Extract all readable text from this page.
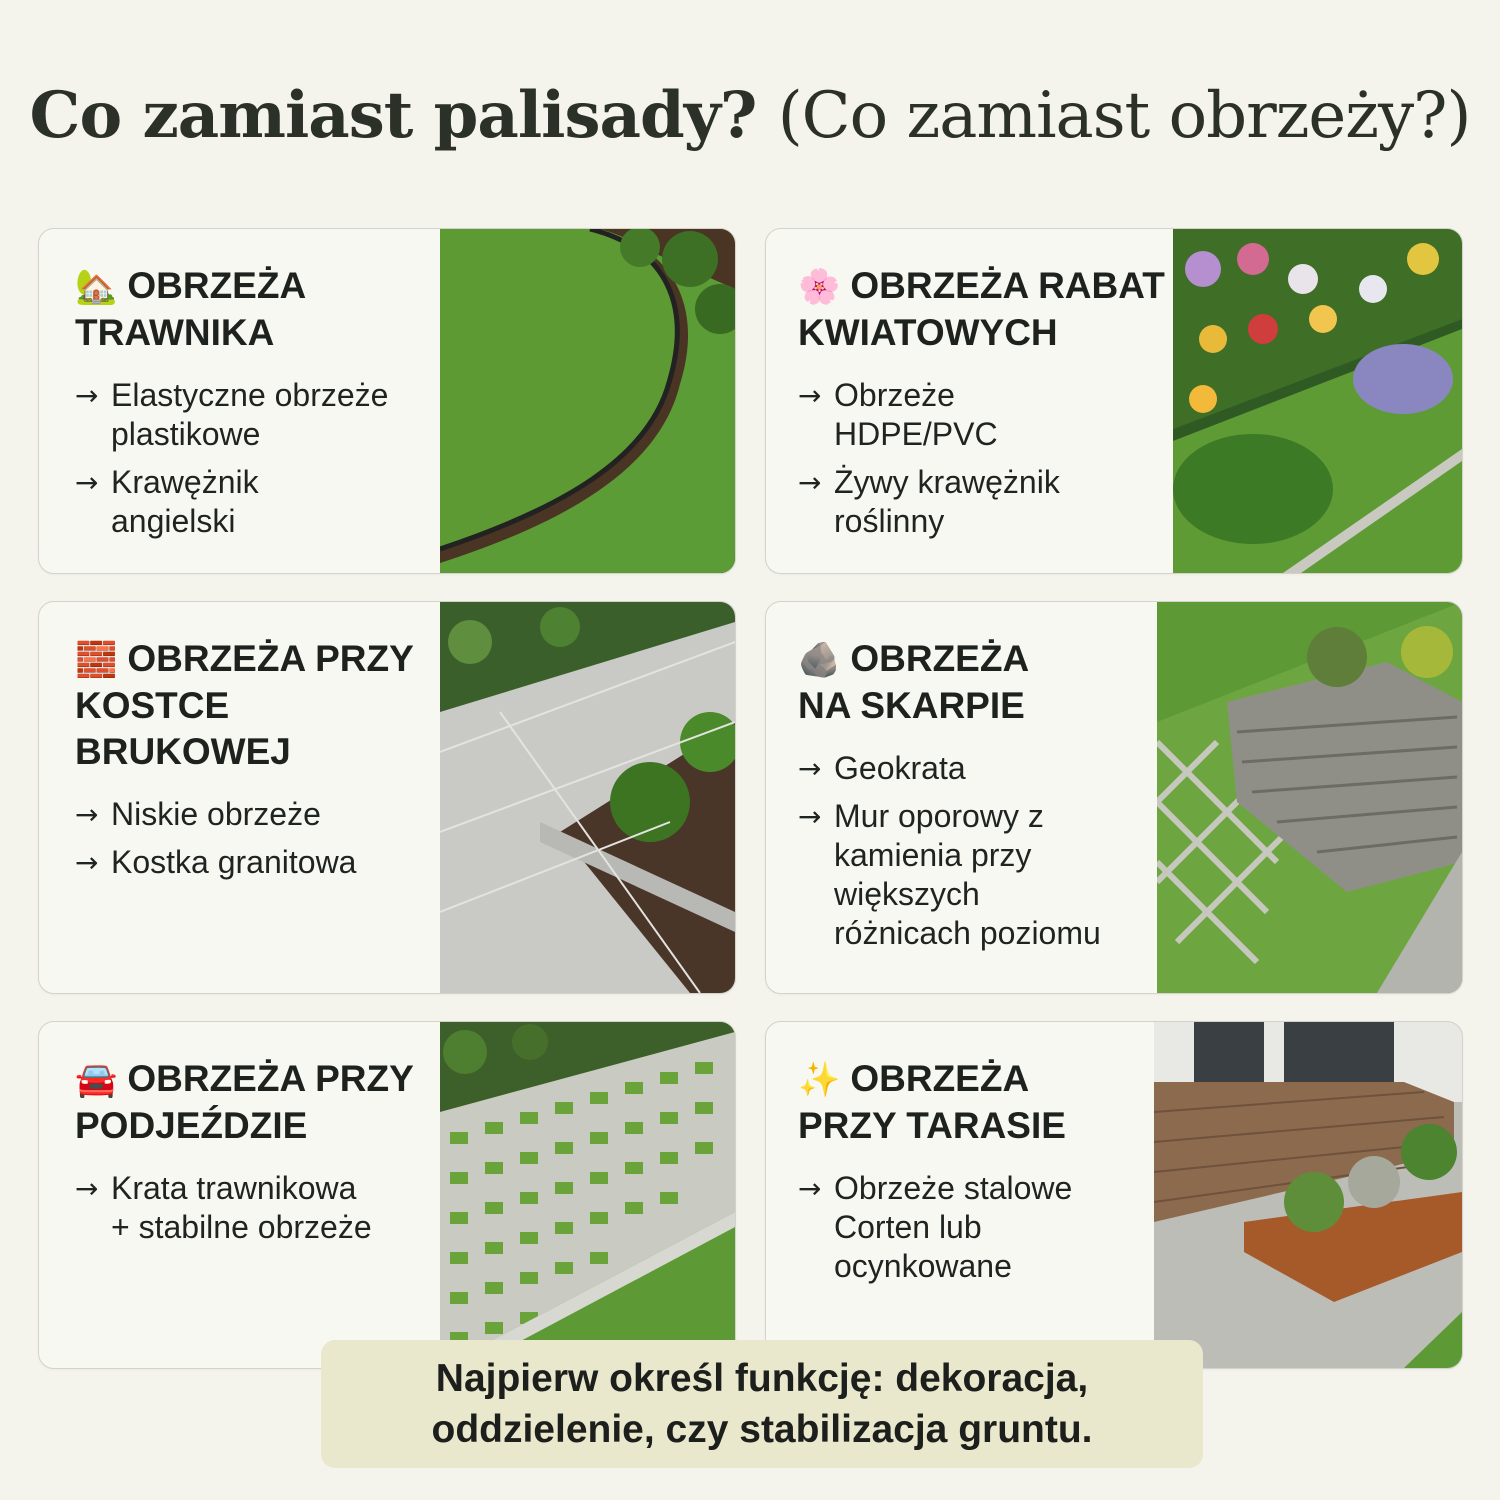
Co zamiast palisady? (Co zamiast obrzeży?)
🏡 OBRZEŻA
TRAWNIKA
→ Elastyczne obrzeże
plastikowe
→ Krawężnik
angielski
🌸 OBRZEŻA RABAT
KWIATOWYCH
→ Obrzeże
HDPE/PVC
→ Żywy krawężnik
roślinny
🧱 OBRZEŻA PRZY
KOSTCE
BRUKOWEJ
→ Niskie obrzeże
→ Kostka granitowa
🪨 OBRZEŻA
NA SKARPIE
→ Geokrata
→ Mur oporowy z
kamienia przy
większych
różnicach poziomu
🚘 OBRZEŻA PRZY
PODJEŹDZIE
→ Krata trawnikowa
+ stabilne obrzeże
✨ OBRZEŻA
PRZY TARASIE
→ Obrzeże stalowe
Corten lub
ocynkowane
Najpierw określ funkcję: dekoracja,
oddzielenie, czy stabilizacja gruntu.
